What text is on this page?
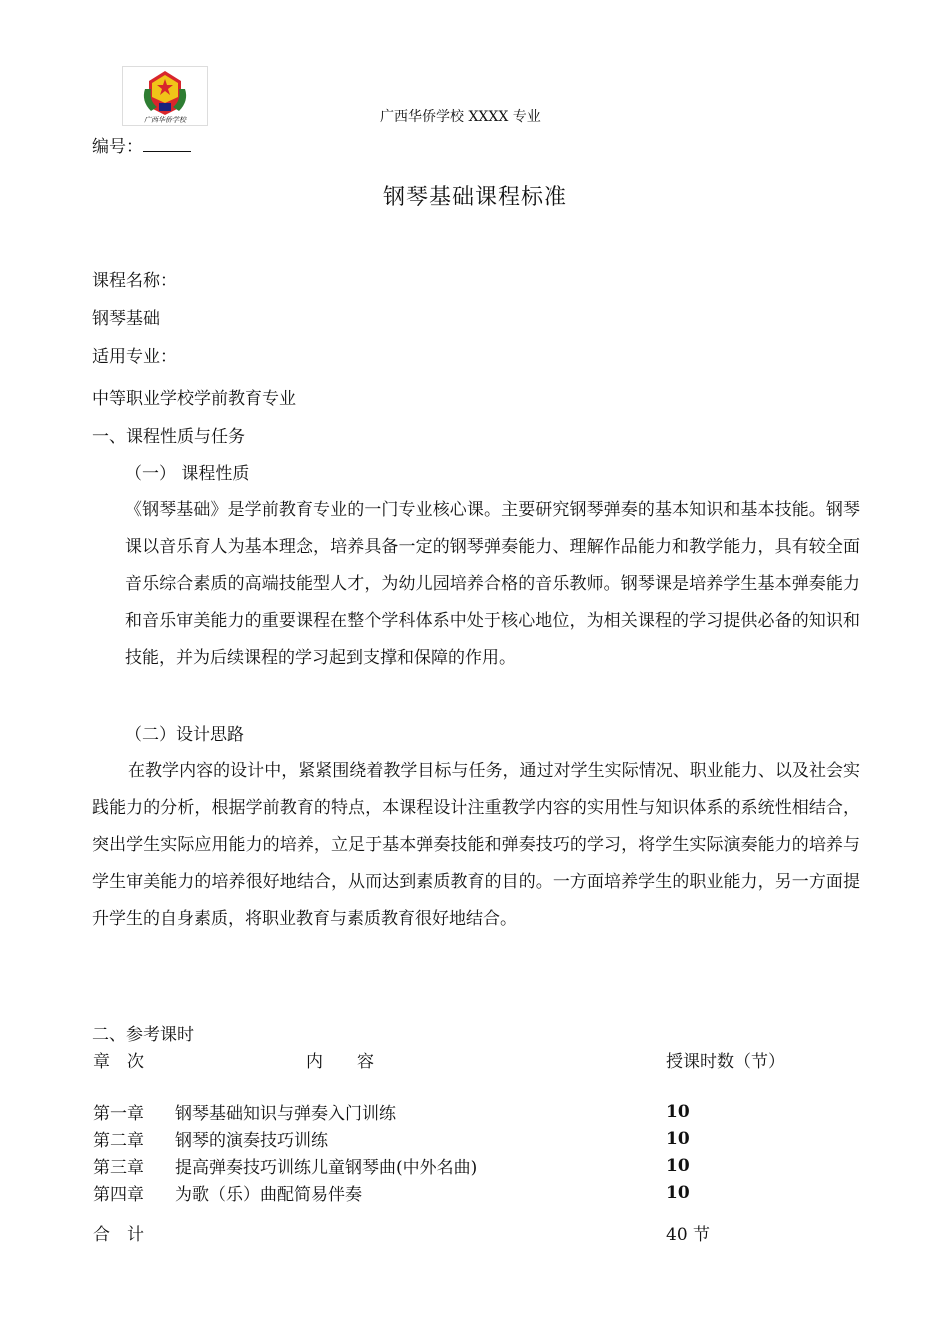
广西华侨学校	广西华侨学校 XXXX 专业
编号：
钢琴基础课程标准
课程名称：
钢琴基础
适用专业：
中等职业学校学前教育专业
一、课程性质与任务
（一） 课程性质
《钢琴基础》是学前教育专业的一门专业核心课。主要研究钢琴弹奏的基本知识和基本技能。钢琴课以音乐育人为基本理念，培养具备一定的钢琴弹奏能力、理解作品能力和教学能力，具有较全面音乐综合素质的高端技能型人才，为幼儿园培养合格的音乐教师。钢琴课是培养学生基本弹奏能力和音乐审美能力的重要课程在整个学科体系中处于核心地位，为相关课程的学习提供必备的知识和技能，并为后续课程的学习起到支撑和保障的作用。
（二）设计思路
在教学内容的设计中，紧紧围绕着教学目标与任务，通过对学生实际情况、职业能力、以及社会实践能力的分析，根据学前教育的特点，本课程设计注重教学内容的实用性与知识体系的系统性相结合，突出学生实际应用能力的培养，立足于基本弹奏技能和弹奏技巧的学习，将学生实际演奏能力的培养与学生审美能力的培养很好地结合，从而达到素质教育的目的。一方面培养学生的职业能力，另一方面提升学生的自身素质，将职业教育与素质教育很好地结合。
二、参考课时
章　次	内　　容	授课时数（节）

第一章	钢琴基础知识与弹奏入门训练	10
第二章	钢琴的演奏技巧训练	10
第三章	提高弹奏技巧训练儿童钢琴曲(中外名曲)	10
第四章	为歌（乐）曲配简易伴奏	10
合　计		40 节
